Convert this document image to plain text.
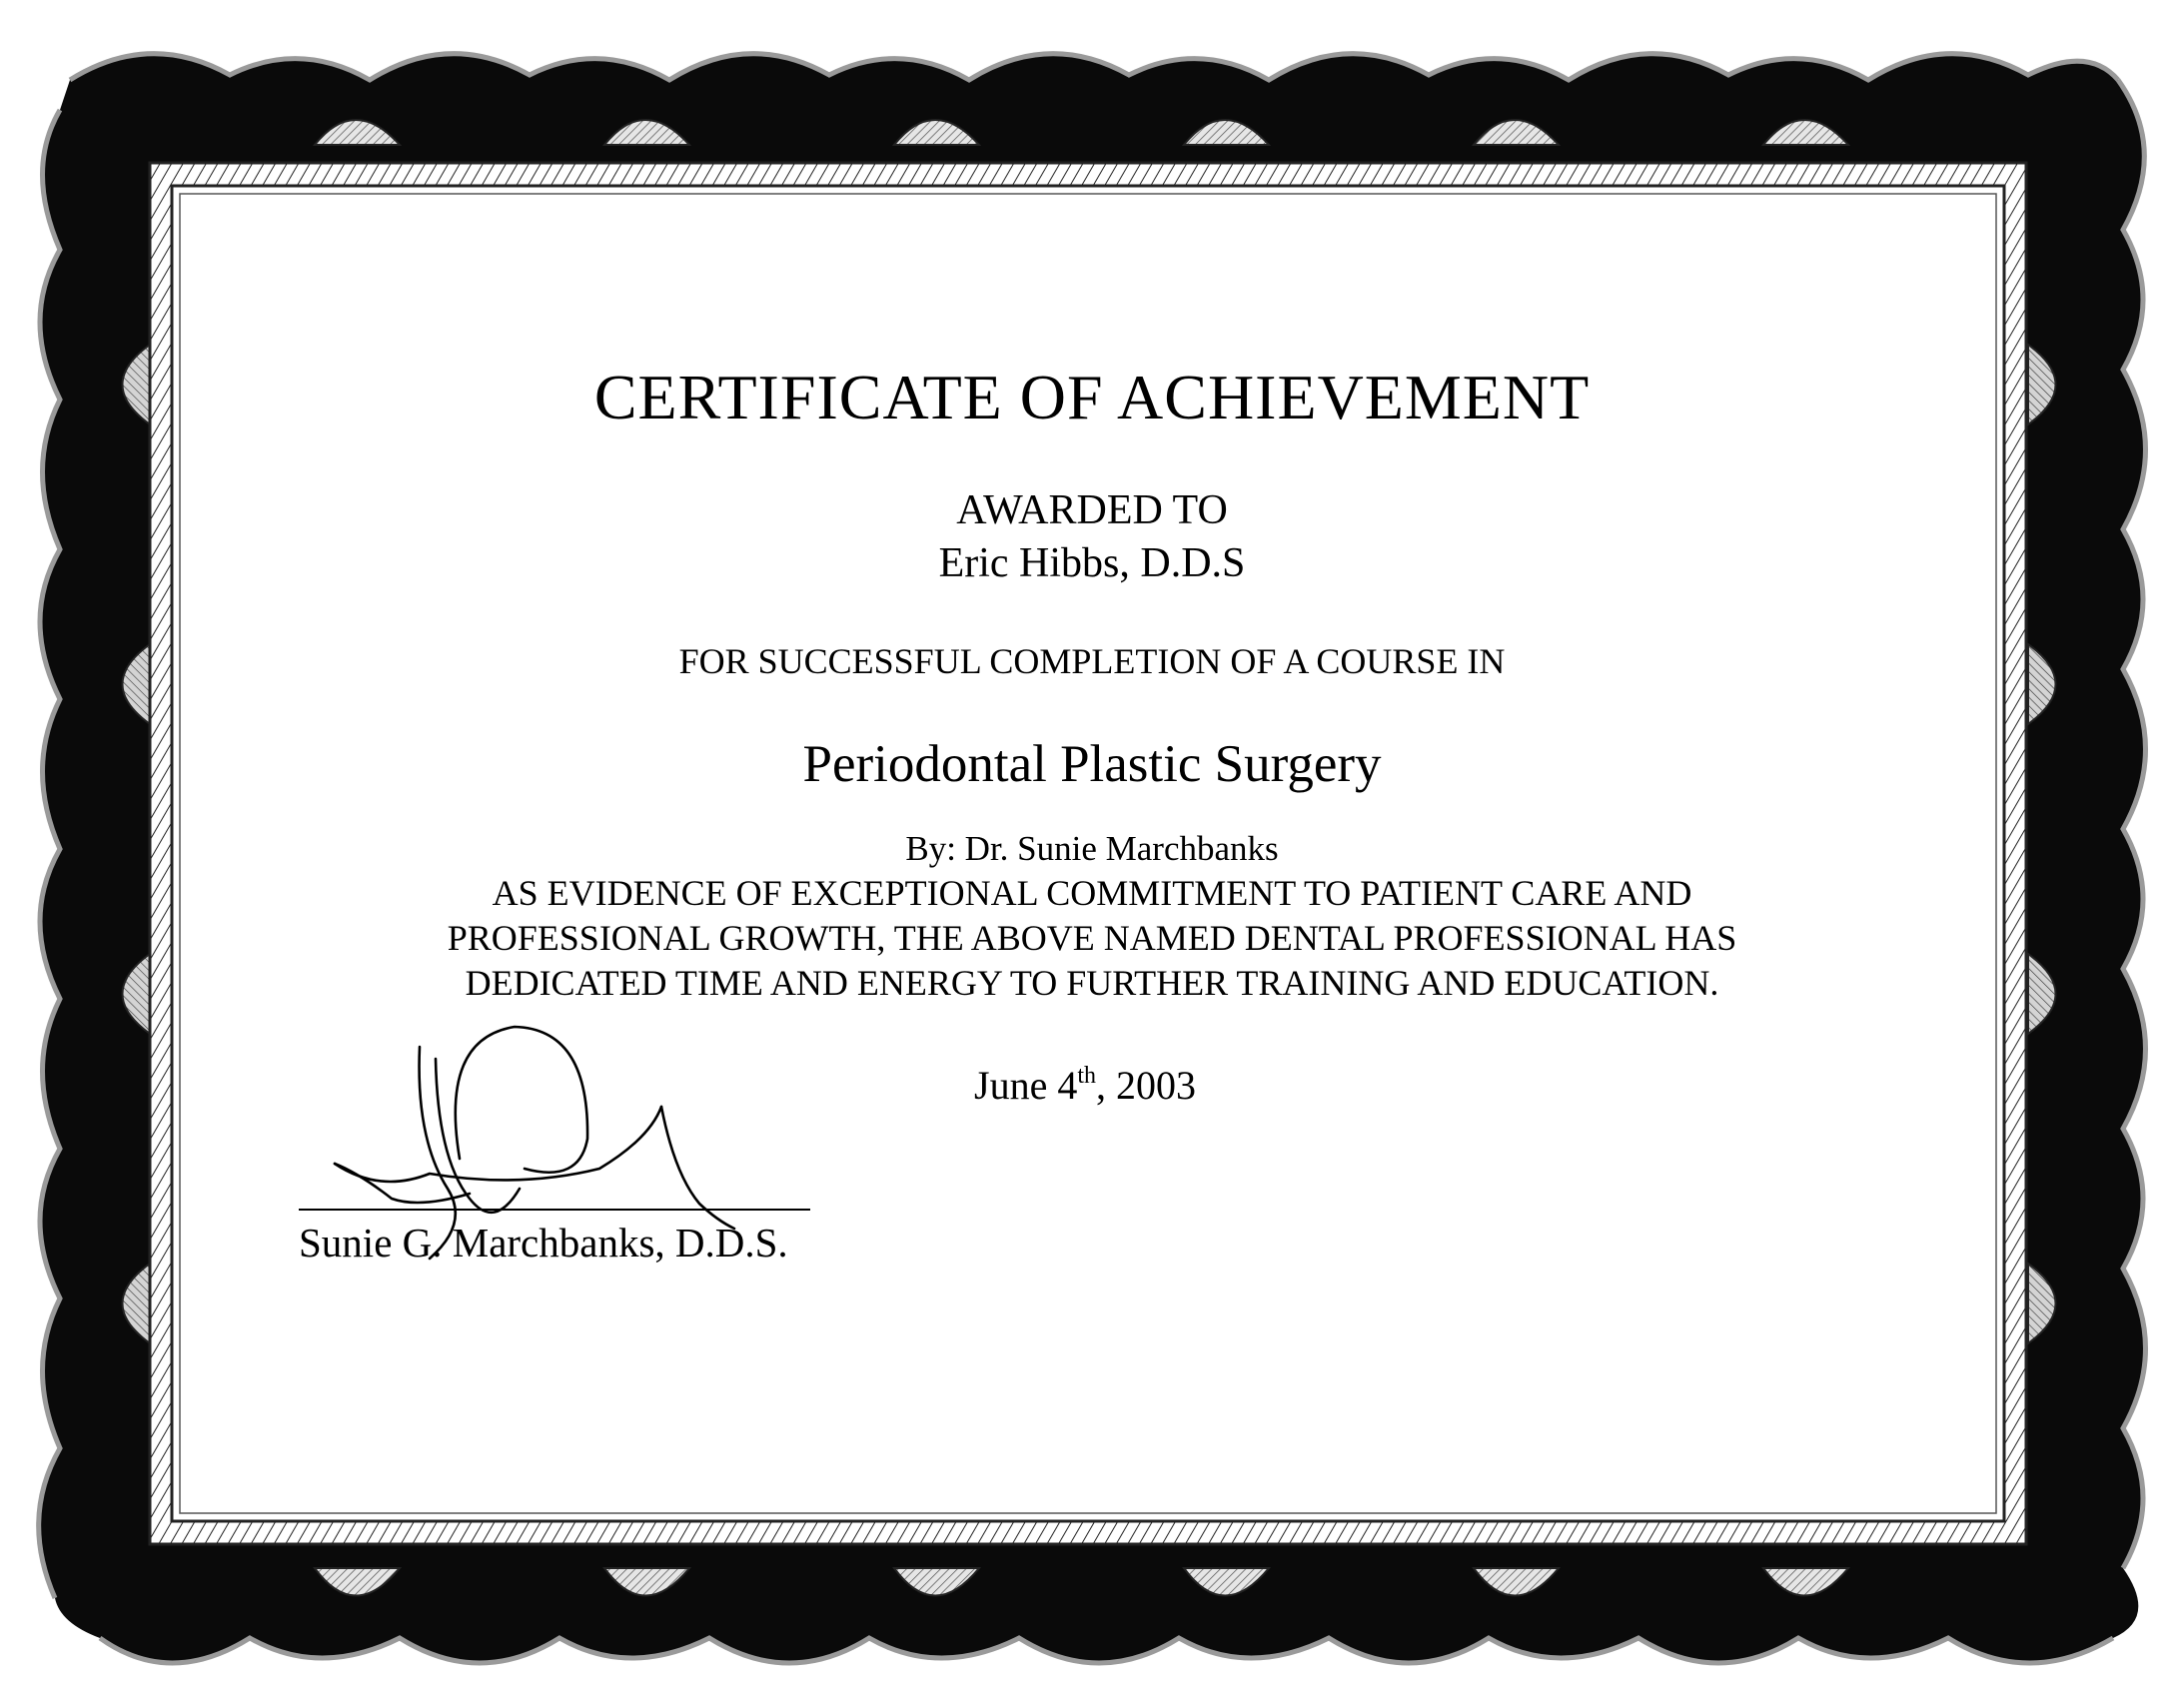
CERTIFICATE OF ACHIEVEMENT
AWARDED TO
Eric Hibbs, D.D.S
FOR SUCCESSFUL COMPLETION OF A COURSE IN
Periodontal Plastic Surgery
By: Dr. Sunie Marchbanks
AS EVIDENCE OF EXCEPTIONAL COMMITMENT TO PATIENT CARE AND
PROFESSIONAL GROWTH, THE ABOVE NAMED DENTAL PROFESSIONAL HAS
DEDICATED TIME AND ENERGY TO FURTHER TRAINING AND EDUCATION.
June 4th, 2003
Sunie G. Marchbanks, D.D.S.
